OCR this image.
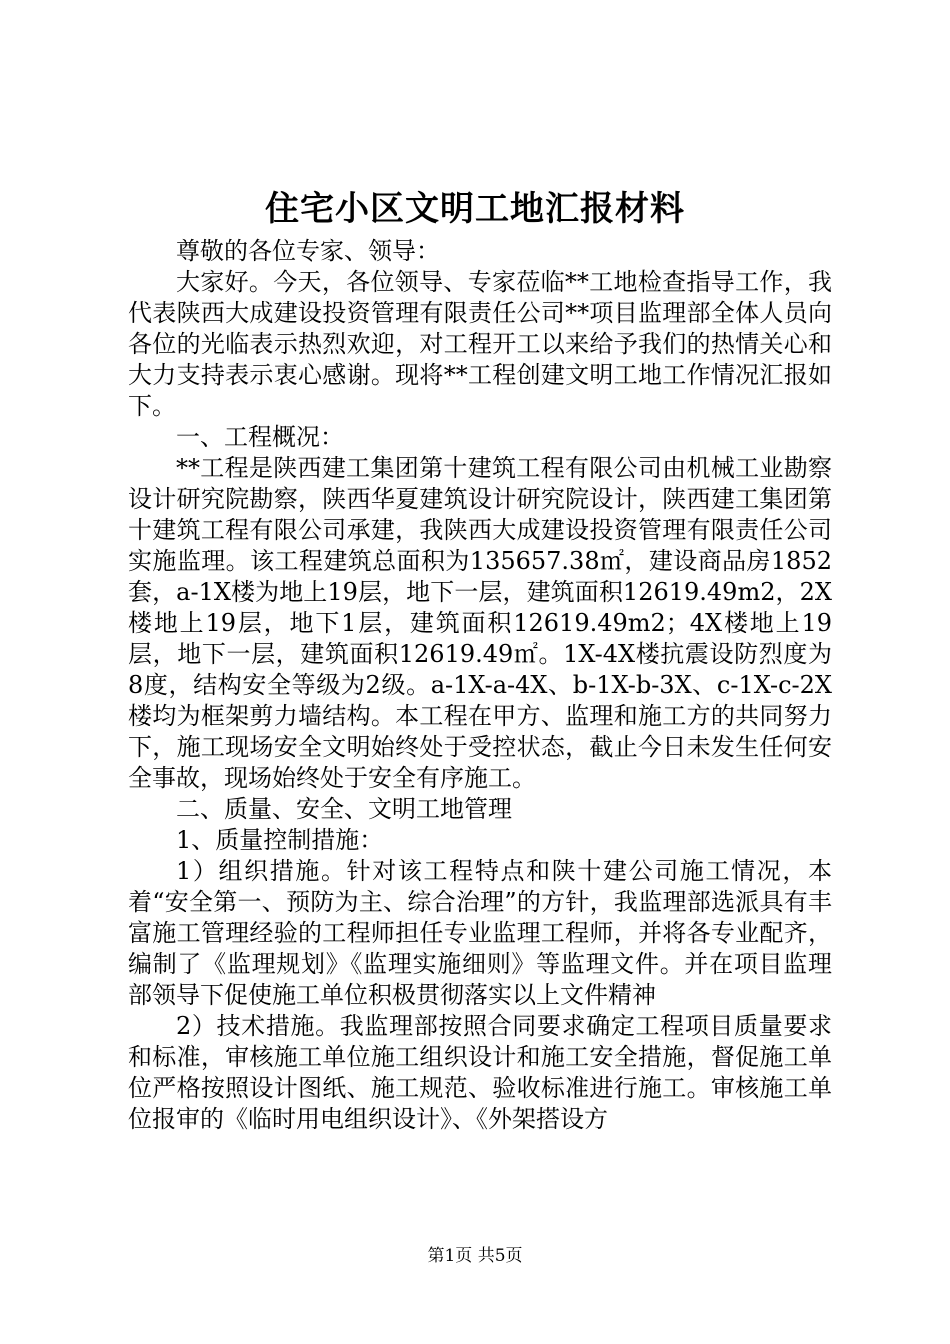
住宅小区文明工地汇报材料

尊敬的各位专家、领导：

大家好。今天，各位领导、专家莅临**工地检查指导工作，我代表陕西大成建设投资管理有限责任公司**项目监理部全体人员向各位的光临表示热烈欢迎，对工程开工以来给予我们的热情关心和大力支持表示衷心感谢。现将**工程创建文明工地工作情况汇报如下。

一、工程概况：

**工程是陕西建工集团第十建筑工程有限公司由机械工业勘察设计研究院勘察，陕西华夏建筑设计研究院设计，陕西建工集团第十建筑工程有限公司承建，我陕西大成建设投资管理有限责任公司实施监理。该工程建筑总面积为135657.38㎡，建设商品房1852套，a-1X楼为地上19层，地下一层，建筑面积12619.49m2，2X楼地上19层，地下1层，建筑面积12619.49m2；4X楼地上19层，地下一层，建筑面积12619.49㎡。1X-4X楼抗震设防烈度为8度，结构安全等级为2级。a-1X-a-4X、b-1X-b-3X、c-1X-c-2X楼均为框架剪力墙结构。本工程在甲方、监理和施工方的共同努力下，施工现场安全文明始终处于受控状态，截止今日未发生任何安全事故，现场始终处于安全有序施工。

二、质量、安全、文明工地管理

1、质量控制措施：

1）组织措施。针对该工程特点和陕十建公司施工情况，本着“安全第一、预防为主、综合治理”的方针，我监理部选派具有丰富施工管理经验的工程师担任专业监理工程师，并将各专业配齐，编制了《监理规划》《监理实施细则》等监理文件。并在项目监理部领导下促使施工单位积极贯彻落实以上文件精神

2）技术措施。我监理部按照合同要求确定工程项目质量要求和标准，审核施工单位施工组织设计和施工安全措施，督促施工单位严格按照设计图纸、施工规范、验收标准进行施工。审核施工单位报审的《临时用电组织设计》、《外架搭设方

第1页 共5页
